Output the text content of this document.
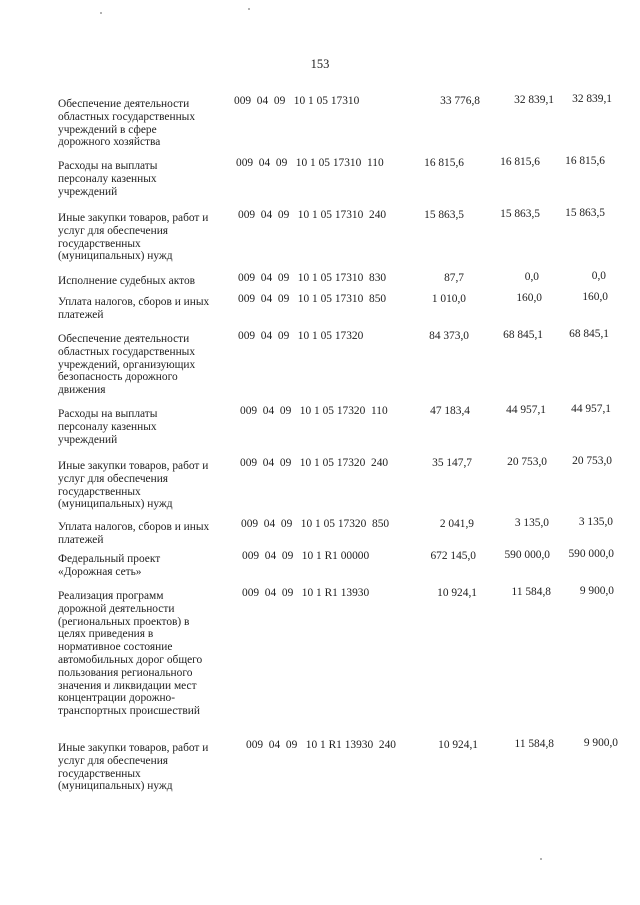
153
Обеспечение деятельности
областных государственных
учреждений в сфере
дорожного хозяйства
009  04  09   10 1 05 17310	33 776,8	32 839,1	32 839,1
Расходы на выплаты
персоналу казенных
учреждений
009  04  09   10 1 05 17310  110	16 815,6	16 815,6	16 815,6
Иные закупки товаров, работ и
услуг для обеспечения
государственных
(муниципальных) нужд
009  04  09   10 1 05 17310  240	15 863,5	15 863,5	15 863,5
Исполнение судебных актов	009  04  09   10 1 05 17310  830	87,7	0,0	0,0
Уплата налогов, сборов и иных
платежей
009  04  09   10 1 05 17310  850	1 010,0	160,0	160,0
Обеспечение деятельности
областных государственных
учреждений, организующих
безопасность дорожного
движения
009  04  09   10 1 05 17320	84 373,0	68 845,1	68 845,1
Расходы на выплаты
персоналу казенных
учреждений
009  04  09   10 1 05 17320  110	47 183,4	44 957,1	44 957,1
Иные закупки товаров, работ и
услуг для обеспечения
государственных
(муниципальных) нужд
009  04  09   10 1 05 17320  240	35 147,7	20 753,0	20 753,0
Уплата налогов, сборов и иных
платежей
009  04  09   10 1 05 17320  850	2 041,9	3 135,0	3 135,0
Федеральный проект
«Дорожная сеть»
009  04  09   10 1 R1 00000	672 145,0	590 000,0	590 000,0
Реализация программ
дорожной деятельности
(региональных проектов) в
целях приведения в
нормативное состояние
автомобильных дорог общего
пользования регионального
значения и ликвидации мест
концентрации дорожно-
транспортных происшествий
009  04  09   10 1 R1 13930	10 924,1	11 584,8	9 900,0
Иные закупки товаров, работ и
услуг для обеспечения
государственных
(муниципальных) нужд
009  04  09   10 1 R1 13930  240	10 924,1	11 584,8	9 900,0
